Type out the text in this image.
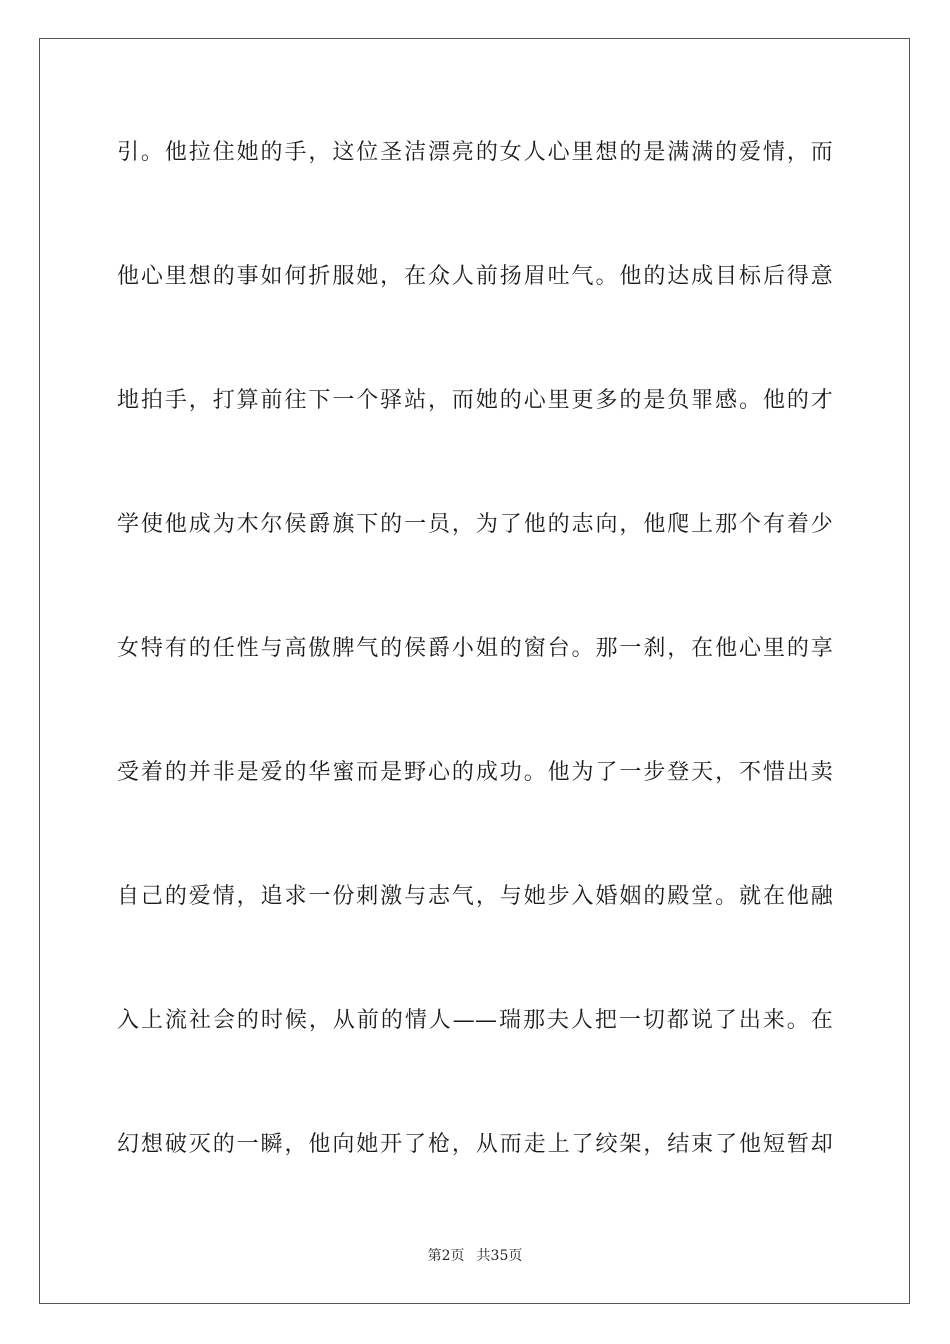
引。他拉住她的手，这位圣洁漂亮的女人心里想的是满满的爱情，而
他心里想的事如何折服她，在众人前扬眉吐气。他的达成目标后得意
地拍手，打算前往下一个驿站，而她的心里更多的是负罪感。他的才
学使他成为木尔侯爵旗下的一员，为了他的志向，他爬上那个有着少
女特有的任性与高傲脾气的侯爵小姐的窗台。那一刹，在他心里的享
受着的并非是爱的华蜜而是野心的成功。他为了一步登天，不惜出卖
自己的爱情，追求一份刺激与志气，与她步入婚姻的殿堂。就在他融
入上流社会的时候，从前的情人——瑞那夫人把一切都说了出来。在
幻想破灭的一瞬，他向她开了枪，从而走上了绞架，结束了他短暂却
第2页 共35页
